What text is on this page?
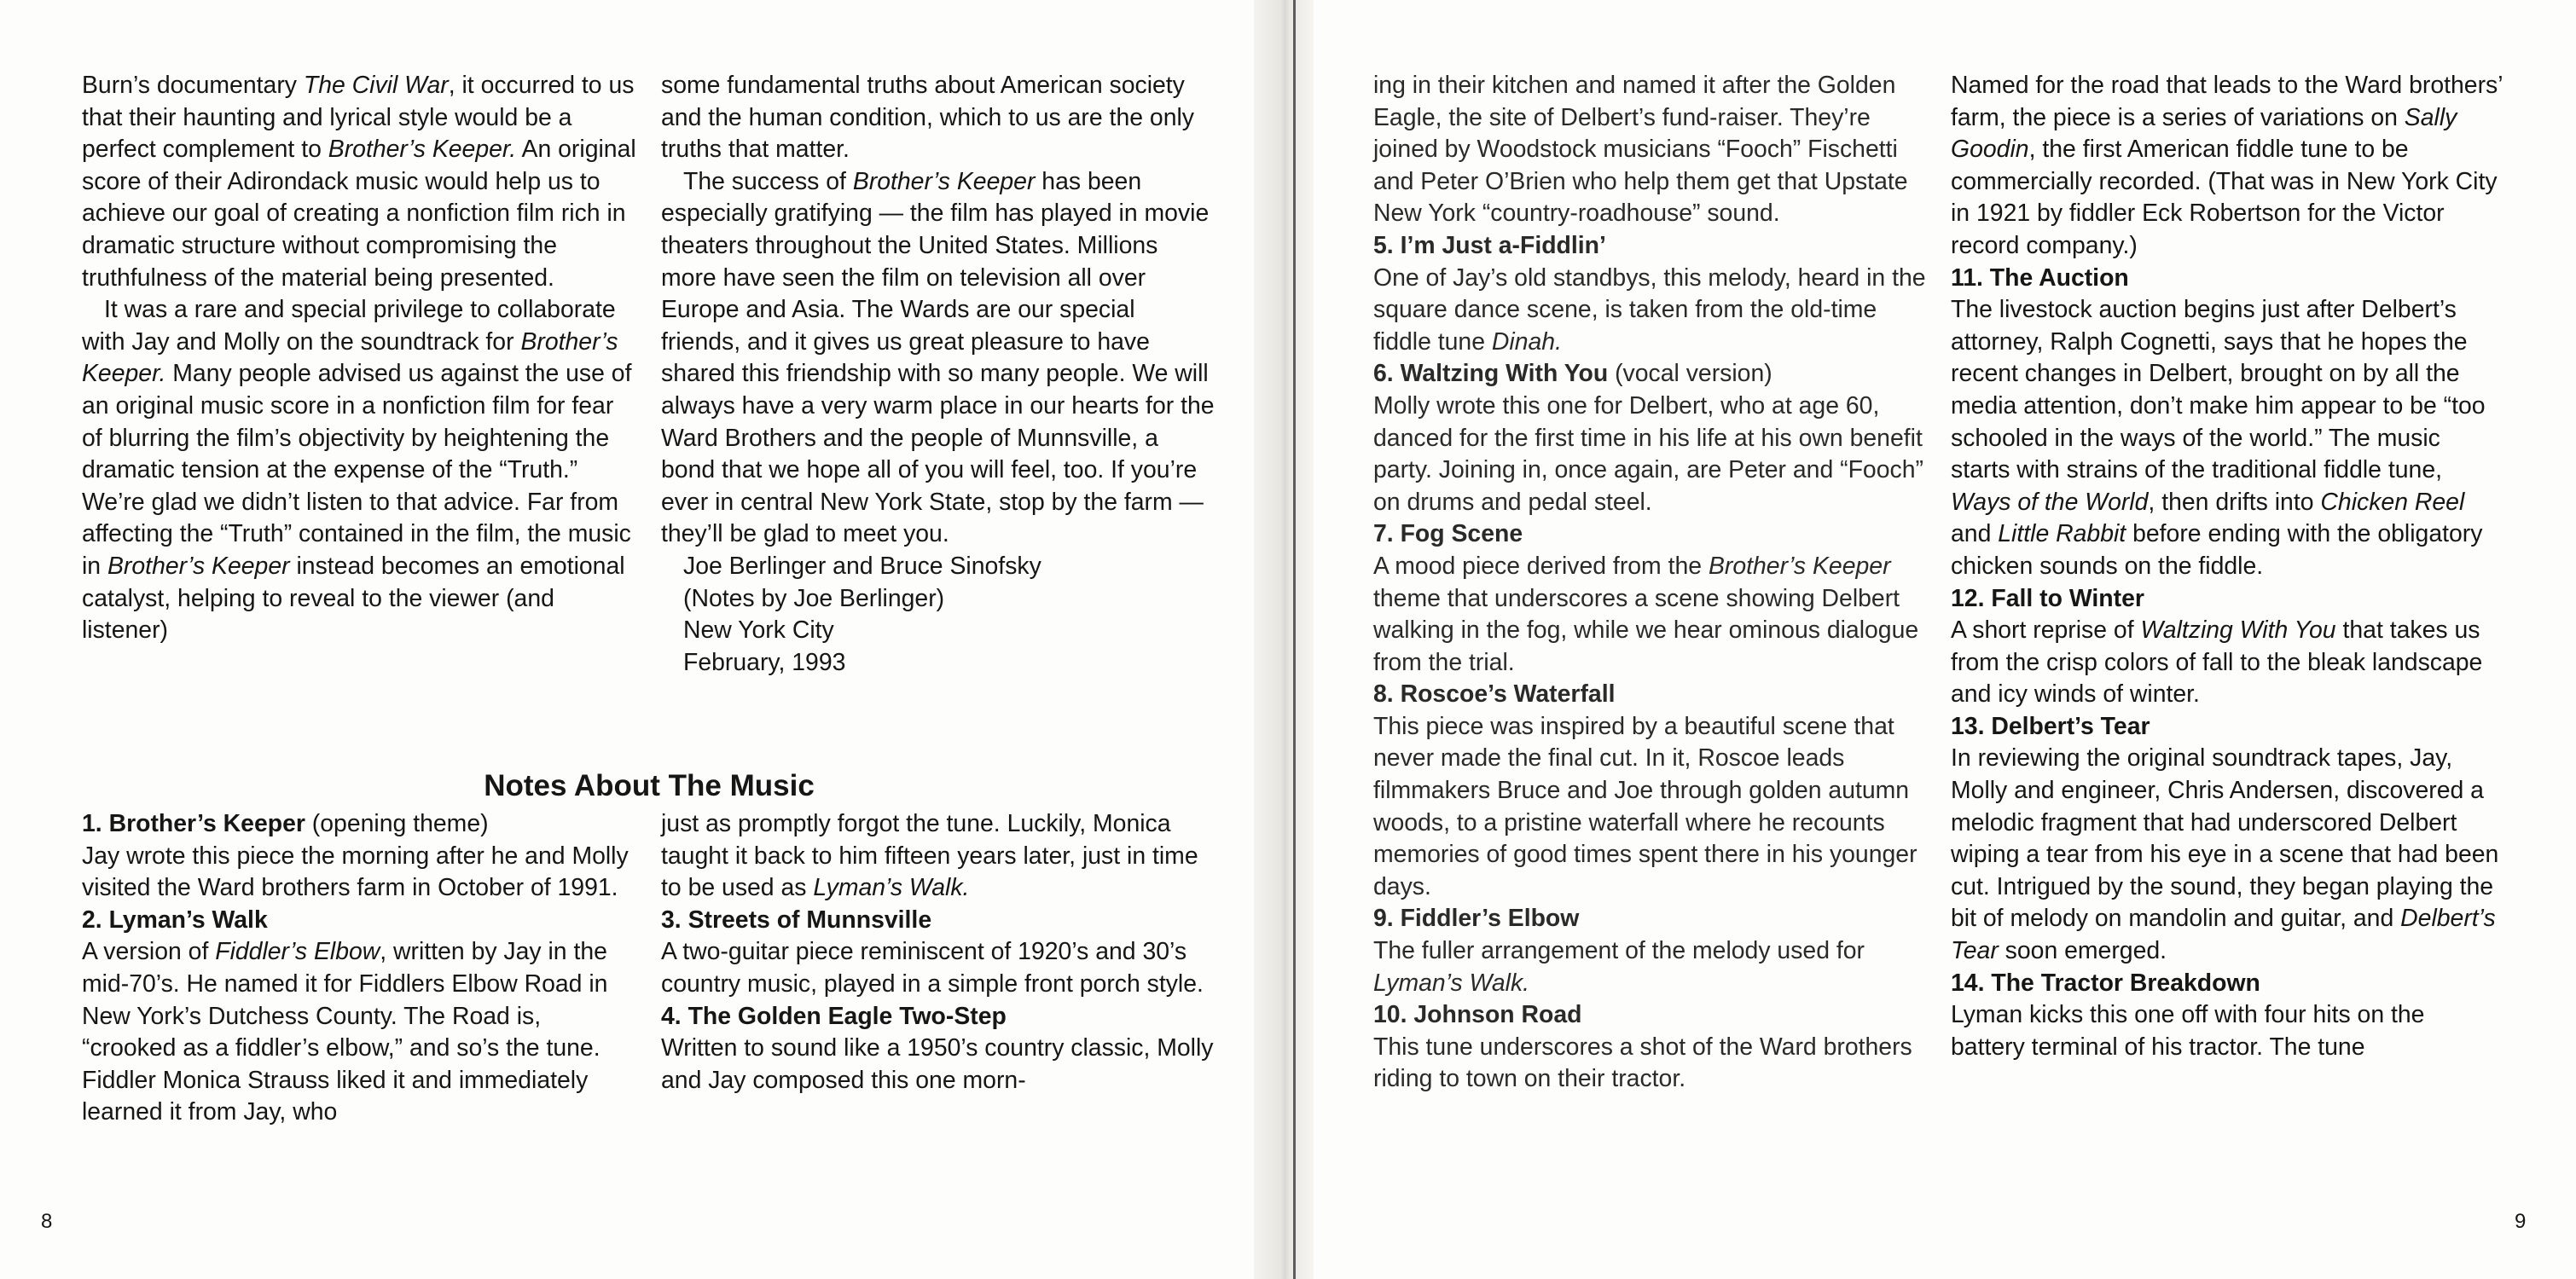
Burn’s documentary The Civil War, it occurred to us that their haunting and lyrical style would be a perfect complement to Brother’s Keeper. An original score of their Adirondack music would help us to achieve our goal of creating a nonfiction film rich in dramatic structure without compromising the truthfulness of the material being presented.

It was a rare and special privilege to collaborate with Jay and Molly on the soundtrack for Brother’s Keeper. Many people advised us against the use of an original music score in a nonfiction film for fear of blurring the film’s objectivity by heightening the dramatic tension at the expense of the “Truth.” We’re glad we didn’t listen to that advice. Far from affecting the “Truth” contained in the film, the music in Brother’s Keeper instead becomes an emotional catalyst, helping to reveal to the viewer (and listener)

some fundamental truths about American society and the human condition, which to us are the only truths that matter.

The success of Brother’s Keeper has been especially gratifying — the film has played in movie theaters throughout the United States. Millions more have seen the film on television all over Europe and Asia. The Wards are our special friends, and it gives us great pleasure to have shared this friendship with so many people. We will always have a very warm place in our hearts for the Ward Brothers and the people of Munnsville, a bond that we hope all of you will feel, too. If you’re ever in central New York State, stop by the farm — they’ll be glad to meet you.

Joe Berlinger and Bruce Sinofsky

(Notes by Joe Berlinger)

New York City

February, 1993

Notes About The Music

1. Brother’s Keeper (opening theme)

Jay wrote this piece the morning after he and Molly visited the Ward brothers farm in October of 1991.

2. Lyman’s Walk

A version of Fiddler’s Elbow, written by Jay in the mid-70’s. He named it for Fiddlers Elbow Road in New York’s Dutchess County. The Road is, “crooked as a fiddler’s elbow,” and so’s the tune. Fiddler Monica Strauss liked it and immediately learned it from Jay, who

just as promptly forgot the tune. Luckily, Monica taught it back to him fifteen years later, just in time to be used as Lyman’s Walk.

3. Streets of Munnsville

A two-guitar piece reminiscent of 1920’s and 30’s country music, played in a simple front porch style.

4. The Golden Eagle Two-Step

Written to sound like a 1950’s country classic, Molly and Jay composed this one morn-

ing in their kitchen and named it after the Golden Eagle, the site of Delbert’s fund-raiser. They’re joined by Woodstock musicians “Fooch” Fischetti and Peter O’Brien who help them get that Upstate New York “country-roadhouse” sound.

5. I’m Just a-Fiddlin’

One of Jay’s old standbys, this melody, heard in the square dance scene, is taken from the old-time fiddle tune Dinah.

6. Waltzing With You (vocal version)

Molly wrote this one for Delbert, who at age 60, danced for the first time in his life at his own benefit party. Joining in, once again, are Peter and “Fooch” on drums and pedal steel.

7. Fog Scene

A mood piece derived from the Brother’s Keeper theme that underscores a scene showing Delbert walking in the fog, while we hear ominous dialogue from the trial.

8. Roscoe’s Waterfall

This piece was inspired by a beautiful scene that never made the final cut. In it, Roscoe leads filmmakers Bruce and Joe through golden autumn woods, to a pristine waterfall where he recounts memories of good times spent there in his younger days.

9. Fiddler’s Elbow

The fuller arrangement of the melody used for Lyman’s Walk.

10. Johnson Road

This tune underscores a shot of the Ward brothers riding to town on their tractor.

Named for the road that leads to the Ward brothers’ farm, the piece is a series of variations on Sally Goodin, the first American fiddle tune to be commercially recorded. (That was in New York City in 1921 by fiddler Eck Robertson for the Victor record company.)

11. The Auction

The livestock auction begins just after Delbert’s attorney, Ralph Cognetti, says that he hopes the recent changes in Delbert, brought on by all the media attention, don’t make him appear to be “too schooled in the ways of the world.” The music starts with strains of the traditional fiddle tune, Ways of the World, then drifts into Chicken Reel and Little Rabbit before ending with the obligatory chicken sounds on the fiddle.

12. Fall to Winter

A short reprise of Waltzing With You that takes us from the crisp colors of fall to the bleak landscape and icy winds of winter.

13. Delbert’s Tear

In reviewing the original soundtrack tapes, Jay, Molly and engineer, Chris Andersen, discovered a melodic fragment that had underscored Delbert wiping a tear from his eye in a scene that had been cut. Intrigued by the sound, they began playing the bit of melody on mandolin and guitar, and Delbert’s Tear soon emerged.

14. The Tractor Breakdown

Lyman kicks this one off with four hits on the battery terminal of his tractor. The tune

8	9
